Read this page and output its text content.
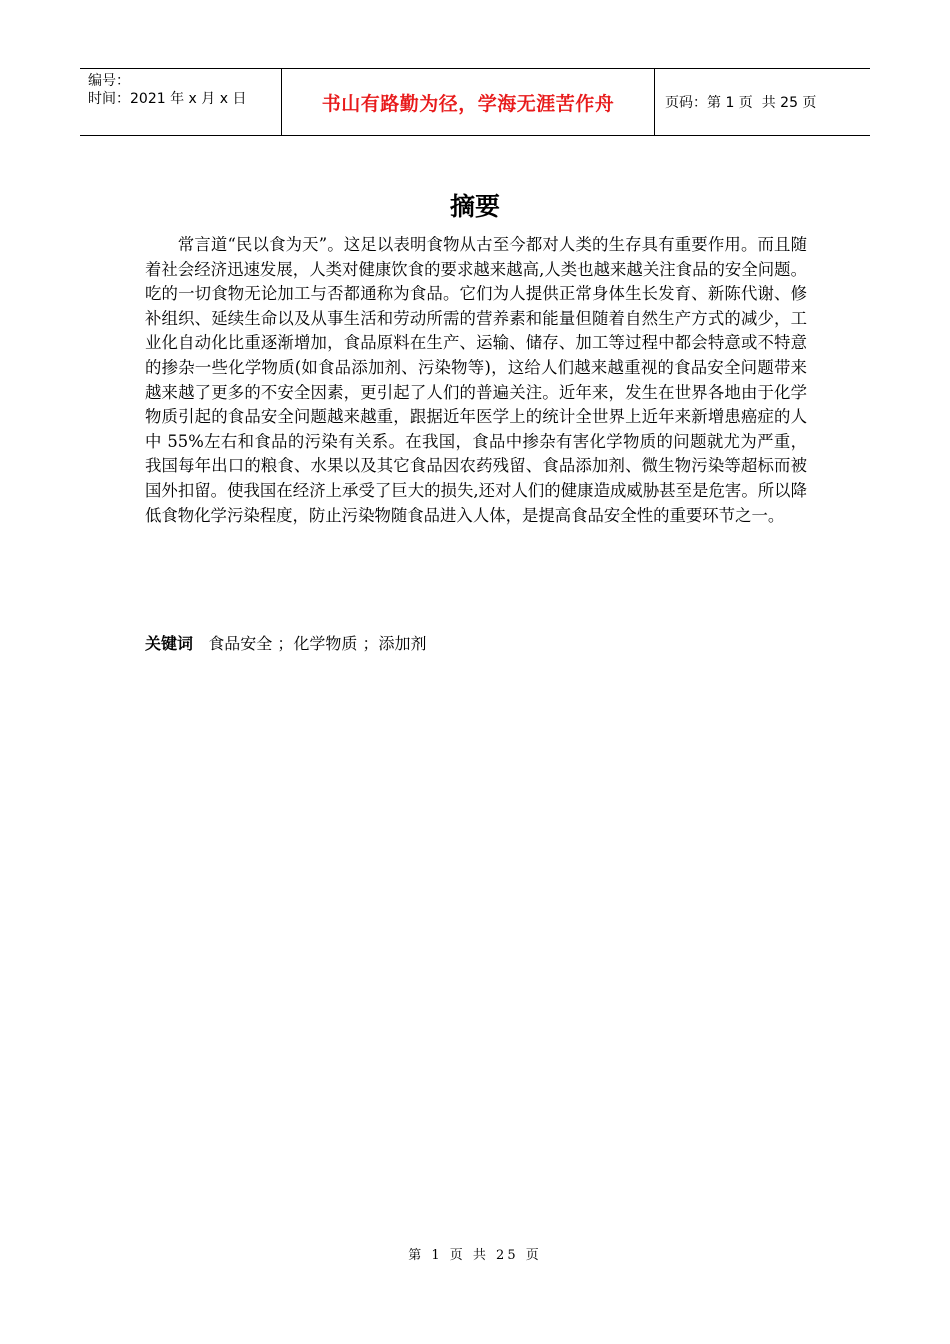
编号：
时间：2021 年 x 月 x 日	书山有路勤为径，学海无涯苦作舟	页码：第 1 页  共 25 页
摘要

常言道“民以食为天”。这足以表明食物从古至今都对人类的生存具有重要作用。而且随着社会经济迅速发展，人类对健康饮食的要求越来越高,人类也越来越关注食品的安全问题。吃的一切食物无论加工与否都通称为食品。它们为人提供正常身体生长发育、新陈代谢、修补组织、延续生命以及从事生活和劳动所需的营养素和能量但随着自然生产方式的减少，工业化自动化比重逐渐增加，食品原料在生产、运输、储存、加工等过程中都会特意或不特意的掺杂一些化学物质(如食品添加剂、污染物等)，这给人们越来越重视的食品安全问题带来越来越了更多的不安全因素，更引起了人们的普遍关注。近年来，发生在世界各地由于化学物质引起的食品安全问题越来越重，跟据近年医学上的统计全世界上近年来新增患癌症的人中 55%左右和食品的污染有关系。在我国，食品中掺杂有害化学物质的问题就尤为严重，我国每年出口的粮食、水果以及其它食品因农药残留、食品添加剂、微生物污染等超标而被国外扣留。使我国在经济上承受了巨大的损失,还对人们的健康造成威胁甚至是危害。所以降低食物化学污染程度，防止污染物随食品进入人体，是提高食品安全性的重要环节之一。

关键词   食品安全 ；化学物质 ；添加剂
第 1 页 共 25 页
